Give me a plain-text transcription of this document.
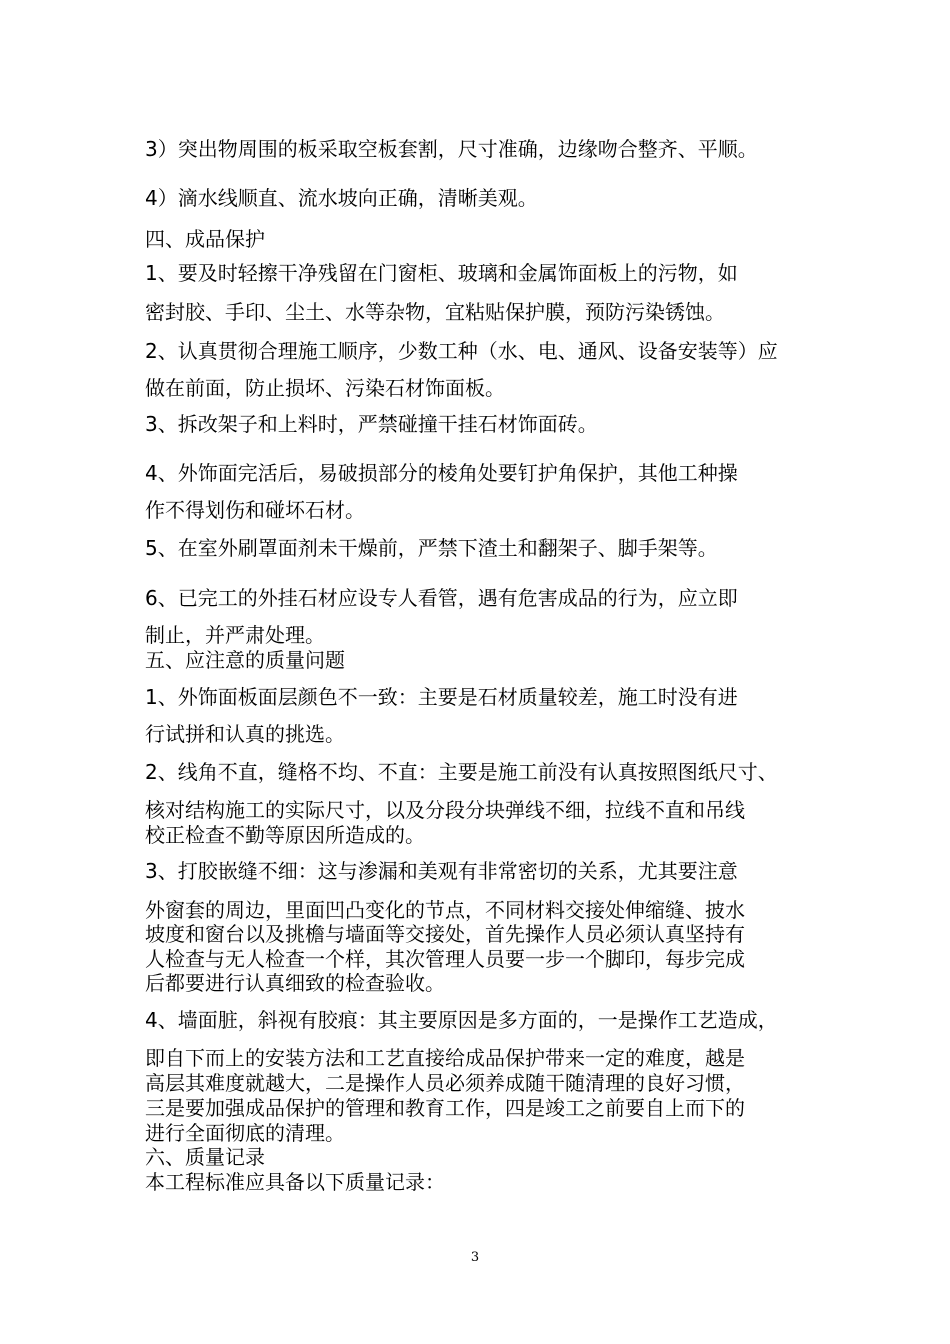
3）突出物周围的板采取空板套割，尺寸准确，边缘吻合整齐、平顺。
4）滴水线顺直、流水坡向正确，清晰美观。
四、成品保护
1、要及时轻擦干净残留在门窗柜、玻璃和金属饰面板上的污物，如
密封胶、手印、尘土、水等杂物，宜粘贴保护膜，预防污染锈蚀。
2、认真贯彻合理施工顺序，少数工种（水、电、通风、设备安装等）应
做在前面，防止损坏、污染石材饰面板。
3、拆改架子和上料时，严禁碰撞干挂石材饰面砖。
4、外饰面完活后，易破损部分的棱角处要钉护角保护，其他工种操
作不得划伤和碰坏石材。
5、在室外刷罩面剂未干燥前，严禁下渣土和翻架子、脚手架等。
6、已完工的外挂石材应设专人看管，遇有危害成品的行为，应立即
制止，并严肃处理。
五、应注意的质量问题
1、外饰面板面层颜色不一致：主要是石材质量较差，施工时没有进
行试拼和认真的挑选。
2、线角不直，缝格不均、不直：主要是施工前没有认真按照图纸尺寸、
核对结构施工的实际尺寸，以及分段分块弹线不细，拉线不直和吊线
校正检查不勤等原因所造成的。
3、打胶嵌缝不细：这与渗漏和美观有非常密切的关系，尤其要注意
外窗套的周边，里面凹凸变化的节点，不同材料交接处伸缩缝、披水
坡度和窗台以及挑檐与墙面等交接处，首先操作人员必须认真坚持有
人检查与无人检查一个样，其次管理人员要一步一个脚印，每步完成
后都要进行认真细致的检查验收。
4、墙面脏，斜视有胶痕：其主要原因是多方面的，一是操作工艺造成，
即自下而上的安装方法和工艺直接给成品保护带来一定的难度，越是
高层其难度就越大，二是操作人员必须养成随干随清理的良好习惯，
三是要加强成品保护的管理和教育工作，四是竣工之前要自上而下的
进行全面彻底的清理。
六、质量记录
本工程标准应具备以下质量记录：
3
